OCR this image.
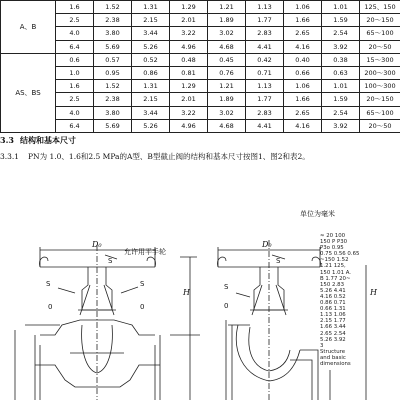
A、B	1.6	1.52	1.31	1.29	1.21	1.13	1.06	1.01	125、150
	2.5	2.38	2.15	2.01	1.89	1.77	1.66	1.59	20～150
	4.0	3.80	3.44	3.22	3.02	2.83	2.65	2.54	65～100
	6.4	5.69	5.26	4.96	4.68	4.41	4.16	3.92	20～50
AS、BS	0.6	0.57	0.52	0.48	0.45	0.42	0.40	0.38	15～300
	1.0	0.95	0.86	0.81	0.76	0.71	0.66	0.63	200～300
	1.6	1.52	1.31	1.29	1.21	1.13	1.06	1.01	100～300
	2.5	2.38	2.15	2.01	1.89	1.77	1.66	1.59	20～150
	4.0	3.80	3.44	3.22	3.02	2.83	2.65	2.54	65～100
	6.4	5.69	5.26	4.96	4.68	4.41	4.16	3.92	20～50
3.3 结构和基本尺寸
3.3.1 PN为 1.0、1.6和2.5 MPa的A型、B型截止阀的结构和基本尺寸按图1、图2和表2。
D₀
S
允许用平手轮
S	S
0	0
H
D₀
S
S
0
H
单位为毫米
≈ 20 100
150 P P30
P3o 0.95
0.75 0.56 0.65
~150 1.52
1.21 125,
150 1.01 A.
B 1.77 20~
150 2.83
5.26 4.41
4.16 0.52
0.86 0.71
0.66 1.31
1.13 1.06
2.15 1.77
1.66 3.44
2.65 2.54
5.26 3.92
3
Structure
and basic
dimensions
